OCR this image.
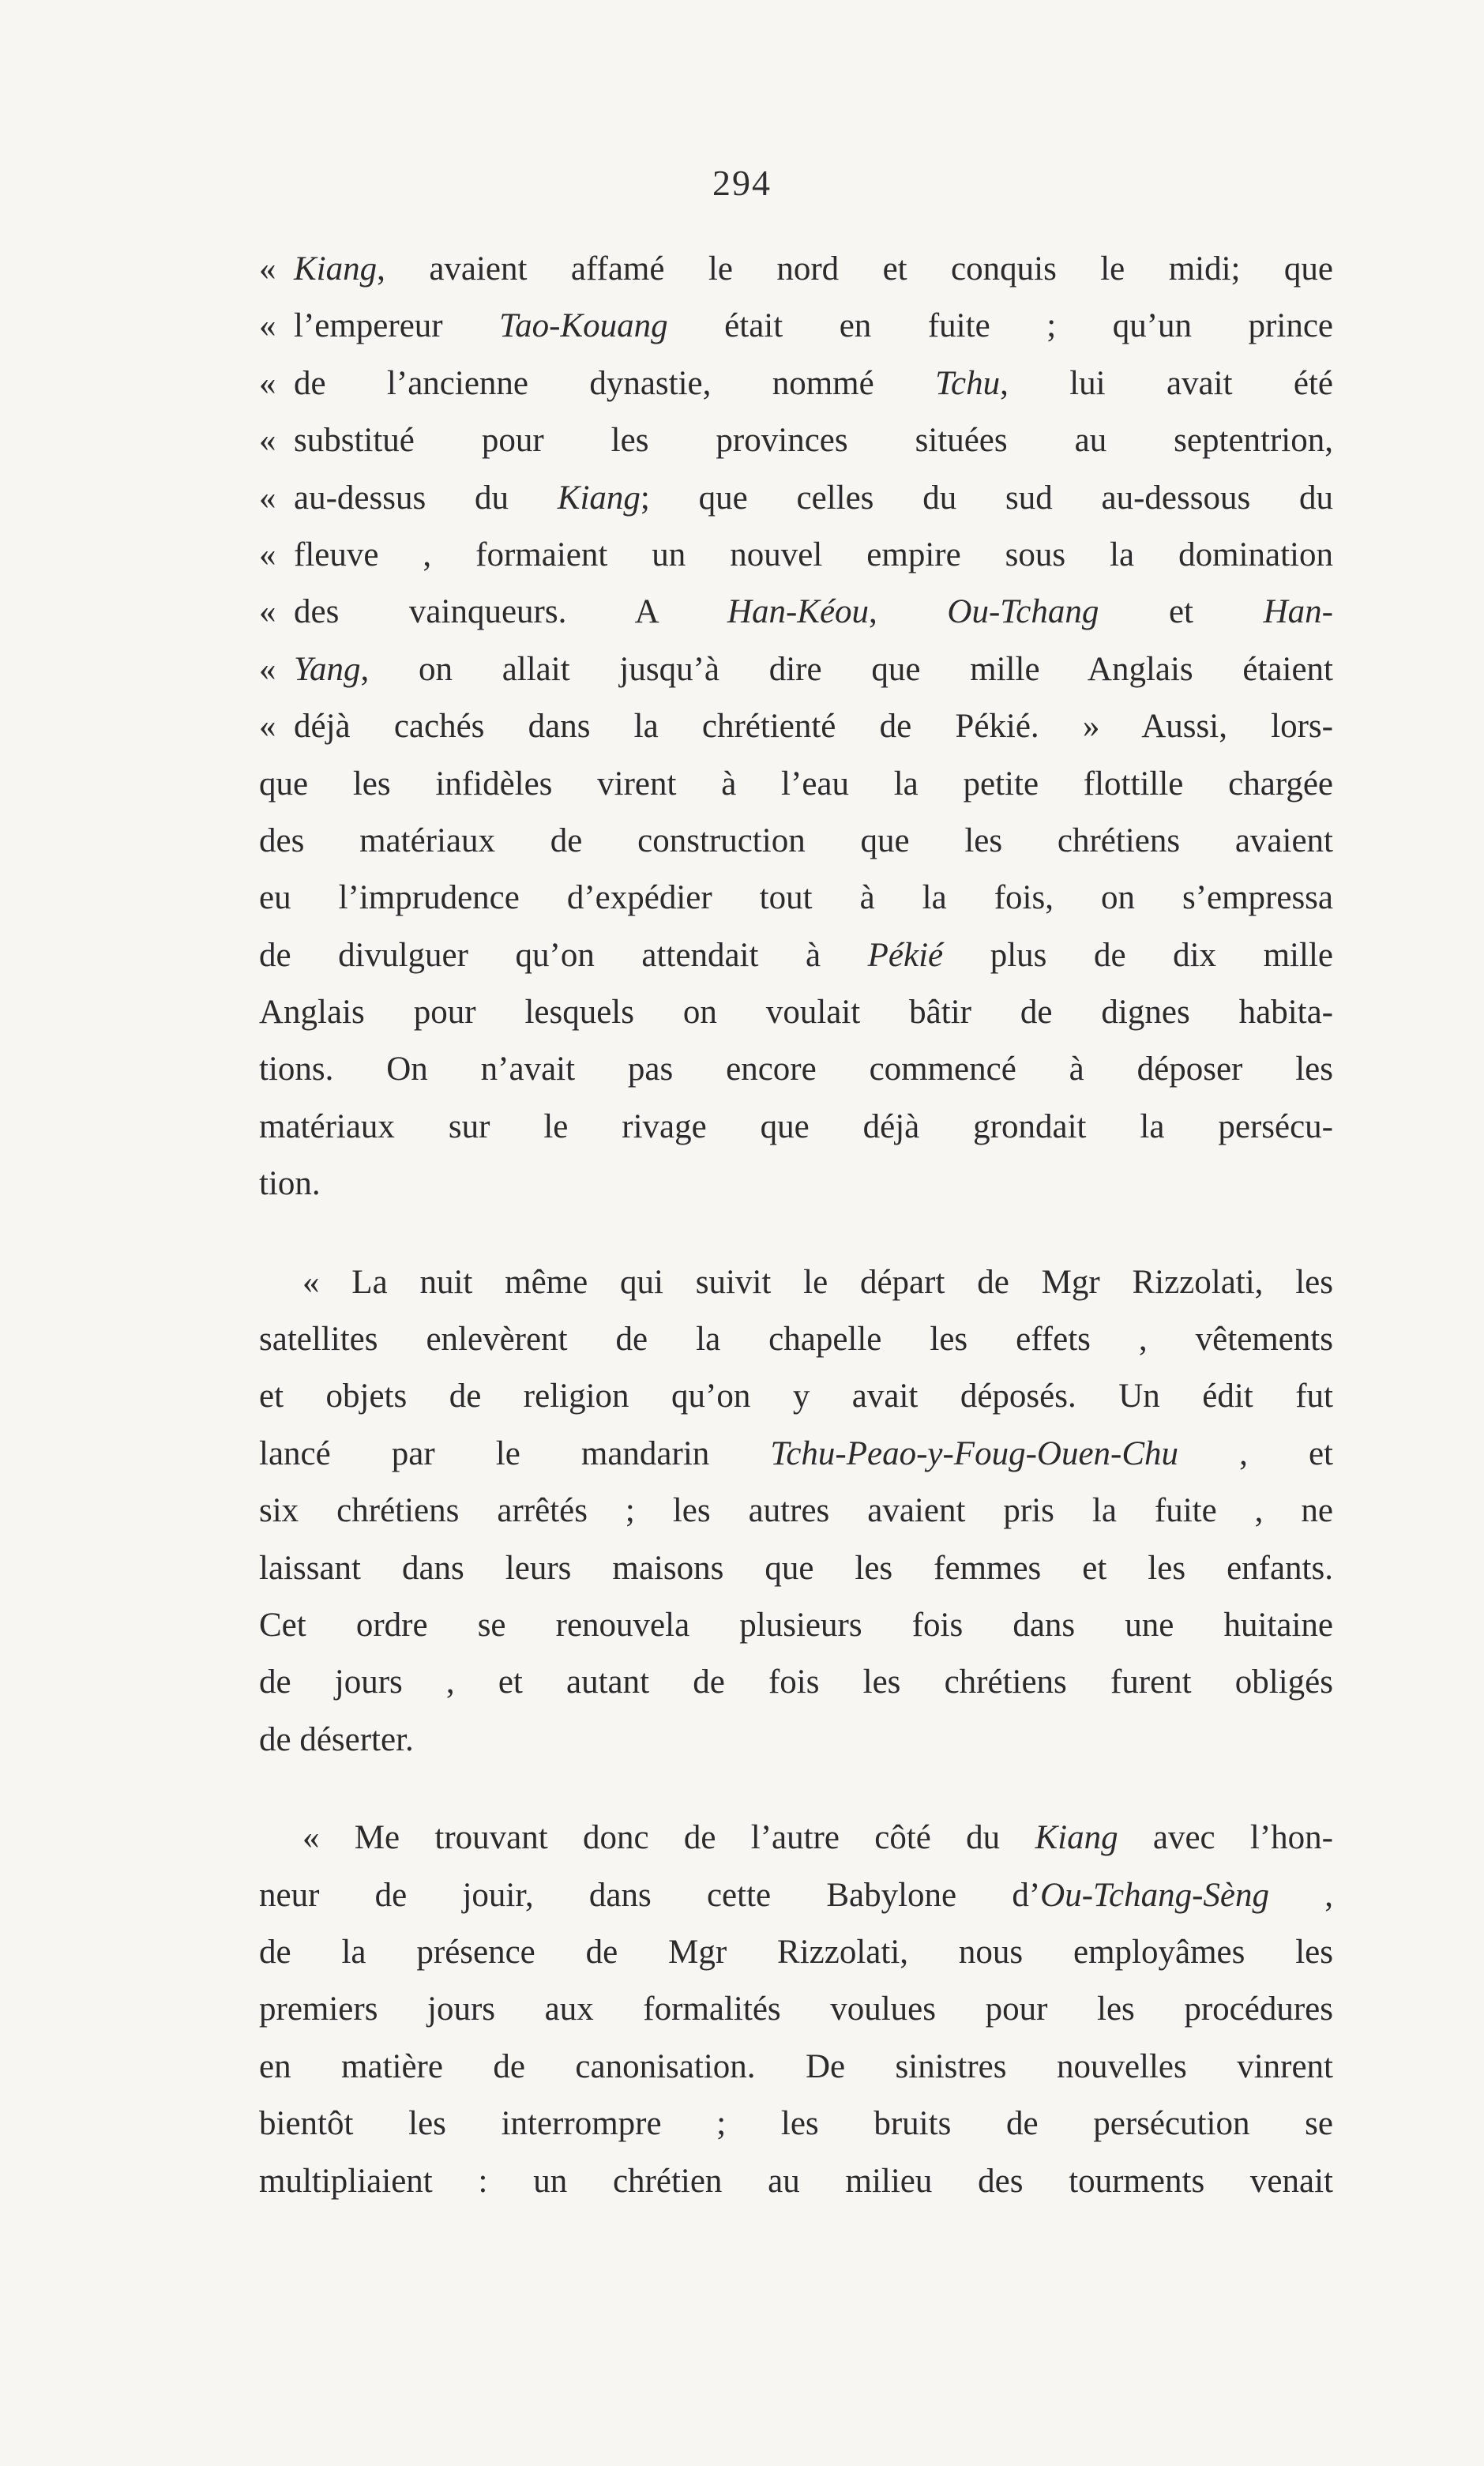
294
« Kiang, avaient affamé le nord et conquis le midi; que
« l’empereur Tao-Kouang était en fuite ; qu’un prince
« de l’ancienne dynastie, nommé Tchu, lui avait été
« substitué pour les provinces situées au septentrion,
« au-dessus du Kiang; que celles du sud au-dessous du
« fleuve , formaient un nouvel empire sous la domination
« des vainqueurs. A Han-Kéou, Ou-Tchang et Han-
« Yang, on allait jusqu’à dire que mille Anglais étaient
« déjà cachés dans la chrétienté de Pékié. » Aussi, lors-
que les infidèles virent à l’eau la petite flottille chargée
des matériaux de construction que les chrétiens avaient
eu l’imprudence d’expédier tout à la fois, on s’empressa
de divulguer qu’on attendait à Pékié plus de dix mille
Anglais pour lesquels on voulait bâtir de dignes habita-
tions. On n’avait pas encore commencé à déposer les
matériaux sur le rivage que déjà grondait la persécu-
tion.
« La nuit même qui suivit le départ de Mgr Rizzolati, les
satellites enlevèrent de la chapelle les effets , vêtements
et objets de religion qu’on y avait déposés. Un édit fut
lancé par le mandarin Tchu-Peao-y-Foug-Ouen-Chu , et
six chrétiens arrêtés ; les autres avaient pris la fuite , ne
laissant dans leurs maisons que les femmes et les enfants.
Cet ordre se renouvela plusieurs fois dans une huitaine
de jours , et autant de fois les chrétiens furent obligés
de déserter.
« Me trouvant donc de l’autre côté du Kiang avec l’hon-
neur de jouir, dans cette Babylone d’Ou-Tchang-Sèng ,
de la présence de Mgr Rizzolati, nous employâmes les
premiers jours aux formalités voulues pour les procédures
en matière de canonisation. De sinistres nouvelles vinrent
bientôt les interrompre ; les bruits de persécution se
multipliaient : un chrétien au milieu des tourments venait
